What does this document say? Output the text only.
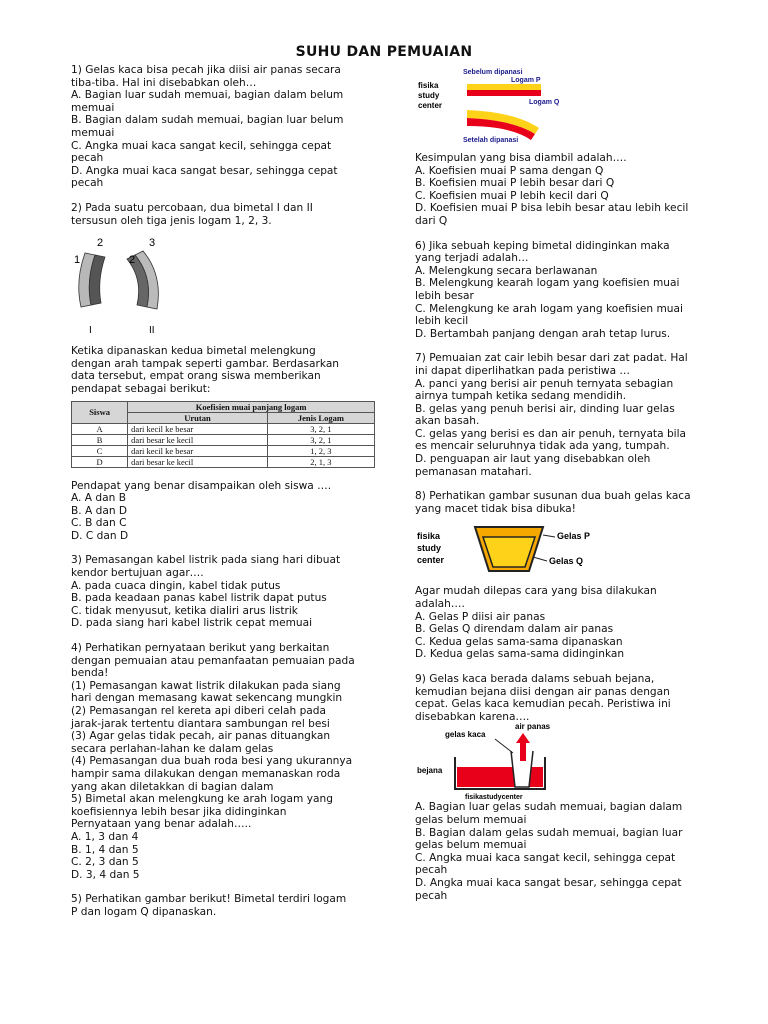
SUHU DAN PEMUAIAN
1) Gelas kaca bisa pecah jika diisi air panas secara
tiba-tiba. Hal ini disebabkan oleh…
A. Bagian luar sudah memuai, bagian dalam belum
memuai
B. Bagian dalam sudah memuai, bagian luar belum
memuai
C. Angka muai kaca sangat kecil, sehingga cepat
pecah
D. Angka muai kaca sangat besar, sehingga cepat
pecah
2) Pada suatu percobaan, dua bimetal I dan II
tersusun oleh tiga jenis logam 1, 2, 3.
2
1
3
2
I	II
Ketika dipanaskan kedua bimetal melengkung
dengan arah tampak seperti gambar. Berdasarkan
data tersebut, empat orang siswa memberikan
pendapat sebagai berikut:
Siswa	Koefisien muai panjang logam	
	Urutan	Jenis Logam
A	dari kecil ke besar	3, 2, 1
B	dari besar ke kecil	3, 2, 1
C	dari kecil ke besar	1, 2, 3
D	dari besar ke kecil	2, 1, 3
Pendapat yang benar disampaikan oleh siswa ….
A. A dan B
B. A dan D
C. B dan C
D. C dan D
3) Pemasangan kabel listrik pada siang hari dibuat
kendor bertujuan agar….
A. pada cuaca dingin, kabel tidak putus
B. pada keadaan panas kabel listrik dapat putus
C. tidak menyusut, ketika dialiri arus listrik
D. pada siang hari kabel listrik cepat memuai
4) Perhatikan pernyataan berikut yang berkaitan
dengan pemuaian atau pemanfaatan pemuaian pada
benda!
(1) Pemasangan kawat listrik dilakukan pada siang
hari dengan memasang kawat sekencang mungkin
(2) Pemasangan rel kereta api diberi celah pada
jarak-jarak tertentu diantara sambungan rel besi
(3) Agar gelas tidak pecah, air panas dituangkan
secara perlahan-lahan ke dalam gelas
(4) Pemasangan dua buah roda besi yang ukurannya
hampir sama dilakukan dengan memanaskan roda
yang akan diletakkan di bagian dalam
5) Bimetal akan melengkung ke arah logam yang
koefisiennya lebih besar jika didinginkan
Pernyataan yang benar adalah…..
A. 1, 3 dan 4
B. 1, 4 dan 5
C. 2, 3 dan 5
D. 3, 4 dan 5
5) Perhatikan gambar berikut! Bimetal terdiri logam
P dan logam Q dipanaskan.
Sebelum dipanasi
fisika
study
center
Logam P
Logam Q
Setelah dipanasi
Kesimpulan yang bisa diambil adalah….
A. Koefisien muai P sama dengan Q
B. Koefisien muai P lebih besar dari Q
C. Koefisien muai P lebih kecil dari Q
D. Koefisien muai P bisa lebih besar atau lebih kecil
dari Q
6) Jika sebuah keping bimetal didinginkan maka
yang terjadi adalah…
A. Melengkung secara berlawanan
B. Melengkung kearah logam yang koefisien muai
lebih besar
C. Melengkung ke arah logam yang koefisien muai
lebih kecil
D. Bertambah panjang dengan arah tetap lurus.
7) Pemuaian zat cair lebih besar dari zat padat. Hal
ini dapat diperlihatkan pada peristiwa …
A. panci yang berisi air penuh ternyata sebagian
airnya tumpah ketika sedang mendidih.
B. gelas yang penuh berisi air, dinding luar gelas
akan basah.
C. gelas yang berisi es dan air penuh, ternyata bila
es mencair seluruhnya tidak ada yang, tumpah.
D. penguapan air laut yang disebabkan oleh
pemanasan matahari.
8) Perhatikan gambar susunan dua buah gelas kaca
yang macet tidak bisa dibuka!
fisika
study
center
Gelas P
Gelas Q
Agar mudah dilepas cara yang bisa dilakukan
adalah….
A. Gelas P diisi air panas
B. Gelas Q direndam dalam air panas
C. Kedua gelas sama-sama dipanaskan
D. Kedua gelas sama-sama didinginkan
9) Gelas kaca berada dalams sebuah bejana,
kemudian bejana diisi dengan air panas dengan
cepat. Gelas kaca kemudian pecah. Peristiwa ini
disebabkan karena….
air panas
gelas kaca
bejana
fisikastudycenter
A. Bagian luar gelas sudah memuai, bagian dalam
gelas belum memuai
B. Bagian dalam gelas sudah memuai, bagian luar
gelas belum memuai
C. Angka muai kaca sangat kecil, sehingga cepat
pecah
D. Angka muai kaca sangat besar, sehingga cepat
pecah
